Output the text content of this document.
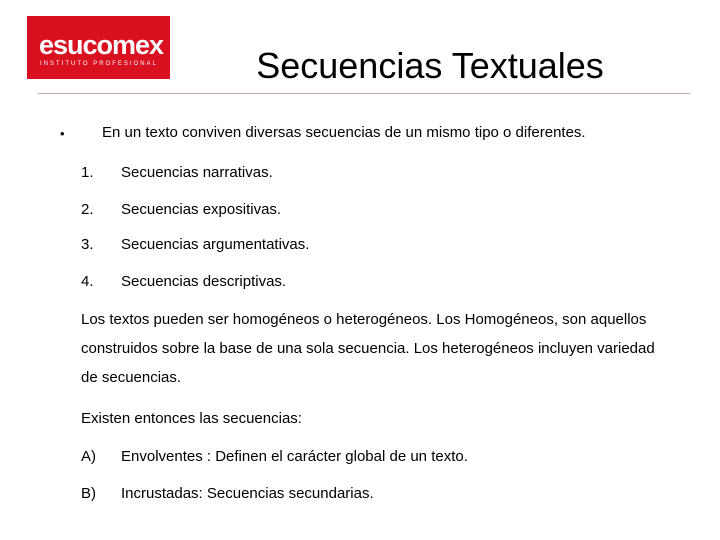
esucomex
INSTITUTO PROFESIONAL	Secuencias Textuales
• En un texto conviven diversas secuencias de un mismo tipo o diferentes.
1. Secuencias narrativas.
2. Secuencias expositivas.
3. Secuencias argumentativas.
4. Secuencias descriptivas.
Los textos pueden ser homogéneos o heterogéneos. Los Homogéneos, son aquellos construidos sobre la base de una sola secuencia. Los heterogéneos incluyen variedad de secuencias.
Existen entonces las secuencias:
A) Envolventes : Definen el carácter global de un texto.
B) Incrustadas: Secuencias secundarias.
